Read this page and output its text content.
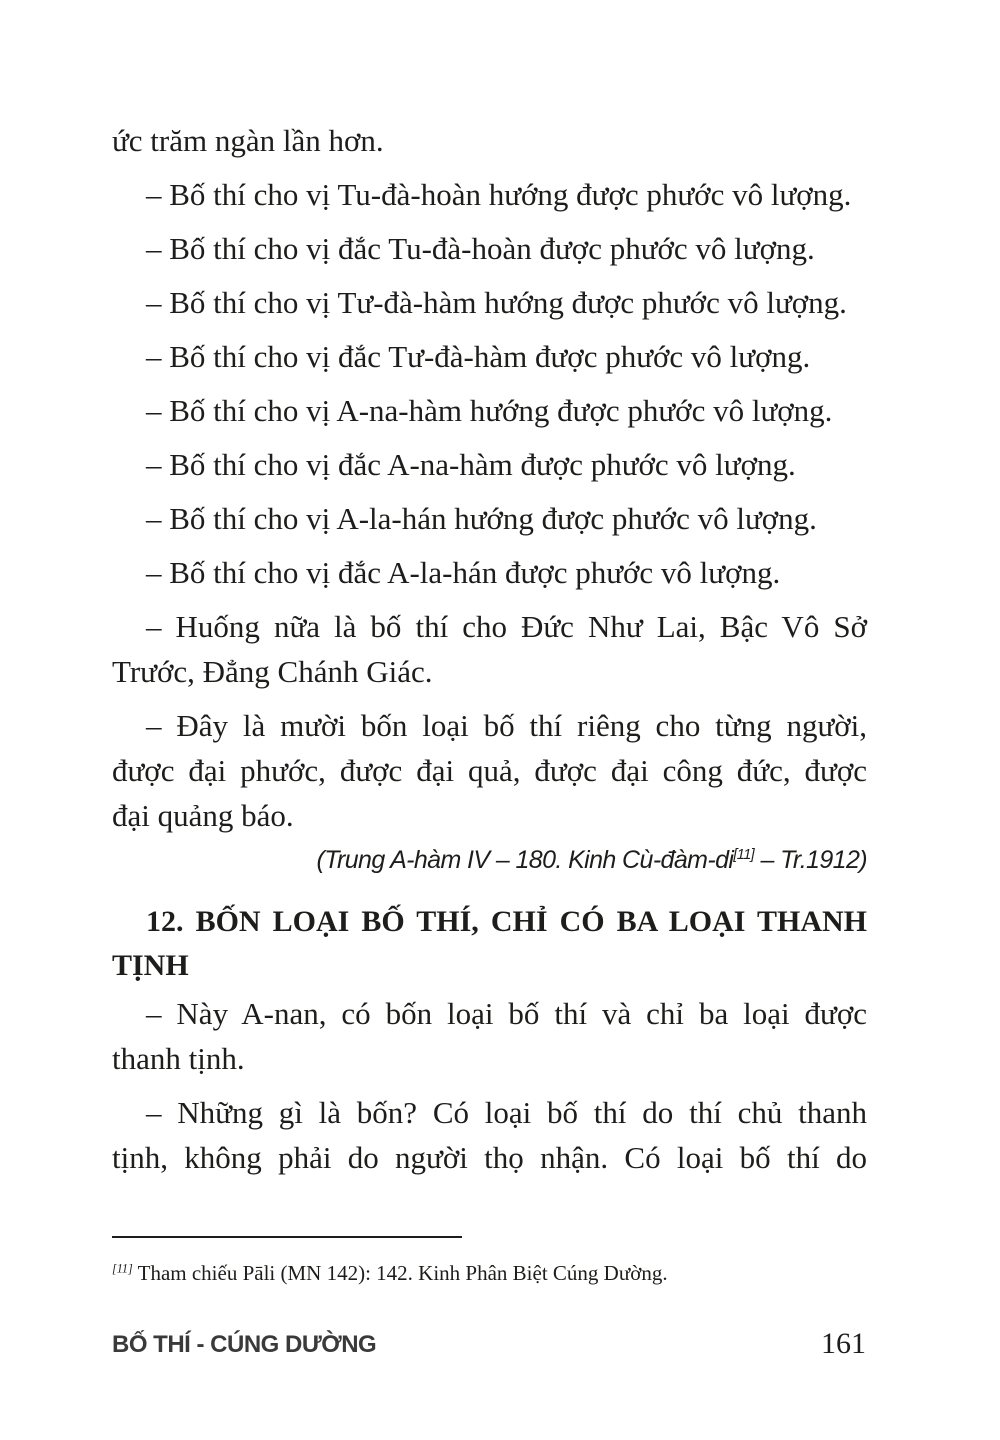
ức trăm ngàn lần hơn.

– Bố thí cho vị Tu-đà-hoàn hướng được phước vô lượng.

– Bố thí cho vị đắc Tu-đà-hoàn được phước vô lượng.

– Bố thí cho vị Tư-đà-hàm hướng được phước vô lượng.

– Bố thí cho vị đắc Tư-đà-hàm được phước vô lượng.

– Bố thí cho vị A-na-hàm hướng được phước vô lượng.

– Bố thí cho vị đắc A-na-hàm được phước vô lượng.

– Bố thí cho vị A-la-hán hướng được phước vô lượng.

– Bố thí cho vị đắc A-la-hán được phước vô lượng.

– Huống nữa là bố thí cho Đức Như Lai, Bậc Vô Sở

Trước, Đẳng Chánh Giác.

– Đây là mười bốn loại bố thí riêng cho từng người,

được đại phước, được đại quả, được đại công đức, được

đại quảng báo.

(Trung A-hàm IV – 180. Kinh Cù-đàm-di[11] – Tr.1912)

12. BỐN LOẠI BỐ THÍ, CHỈ CÓ BA LOẠI THANH

TỊNH

– Này A-nan, có bốn loại bố thí và chỉ ba loại được

thanh tịnh.

– Những gì là bốn? Có loại bố thí do thí chủ thanh

tịnh, không phải do người thọ nhận. Có loại bố thí do

[11] Tham chiếu Pāli (MN 142): 142. Kinh Phân Biệt Cúng Dường.

BỐ THÍ - CÚNG DƯỜNG	161
